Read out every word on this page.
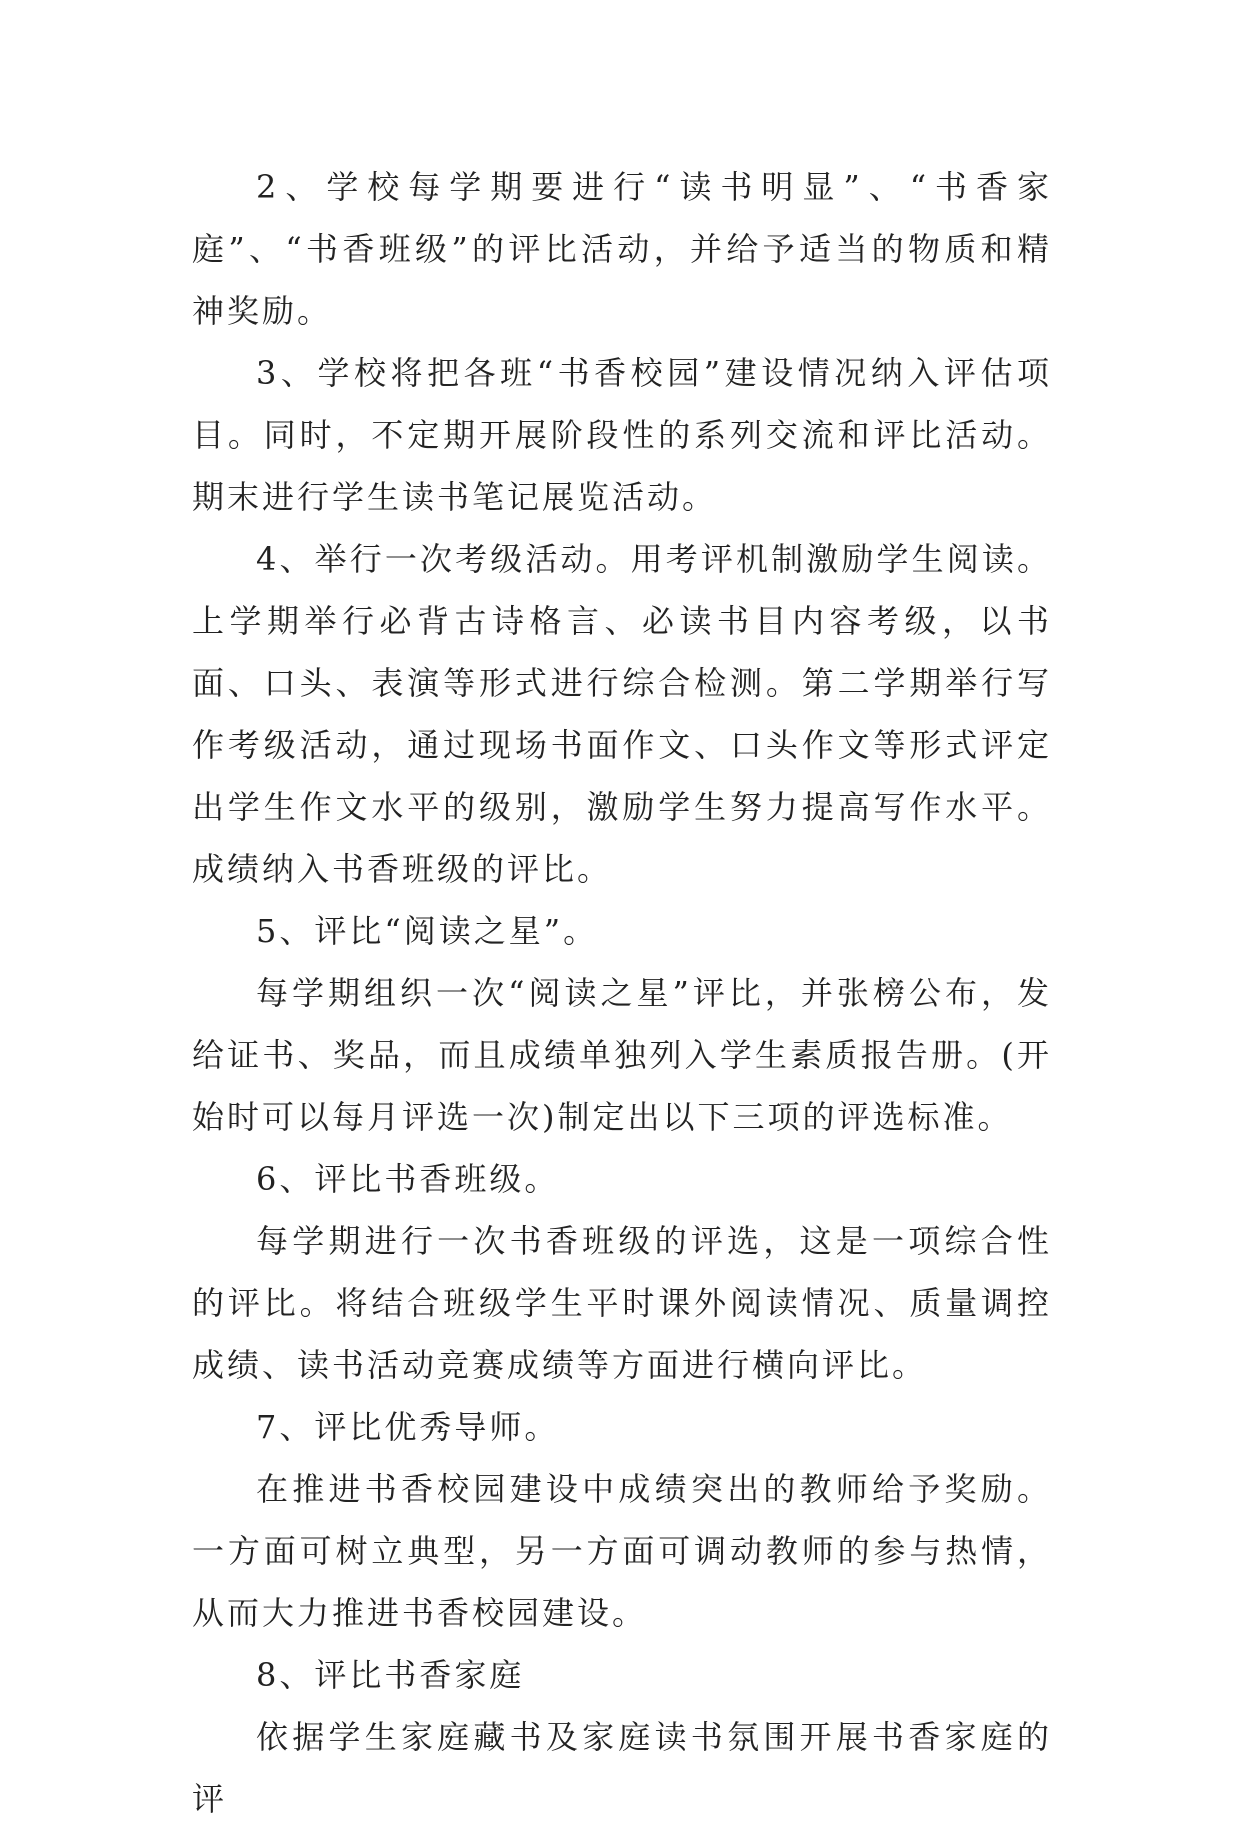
2、学校每学期要进行“读书明显”、“书香家庭”、“书香班级”的评比活动，并给予适当的物质和精神奖励。

3、学校将把各班“书香校园”建设情况纳入评估项目。同时，不定期开展阶段性的系列交流和评比活动。期末进行学生读书笔记展览活动。

4、举行一次考级活动。用考评机制激励学生阅读。上学期举行必背古诗格言、必读书目内容考级，以书面、口头、表演等形式进行综合检测。第二学期举行写作考级活动，通过现场书面作文、口头作文等形式评定出学生作文水平的级别，激励学生努力提高写作水平。成绩纳入书香班级的评比。

5、评比“阅读之星”。

每学期组织一次“阅读之星”评比，并张榜公布，发给证书、奖品，而且成绩单独列入学生素质报告册。(开始时可以每月评选一次)制定出以下三项的评选标准。

6、评比书香班级。

每学期进行一次书香班级的评选，这是一项综合性的评比。将结合班级学生平时课外阅读情况、质量调控成绩、读书活动竞赛成绩等方面进行横向评比。

7、评比优秀导师。

在推进书香校园建设中成绩突出的教师给予奖励。一方面可树立典型，另一方面可调动教师的参与热情，从而大力推进书香校园建设。

8、评比书香家庭

依据学生家庭藏书及家庭读书氛围开展书香家庭的评
